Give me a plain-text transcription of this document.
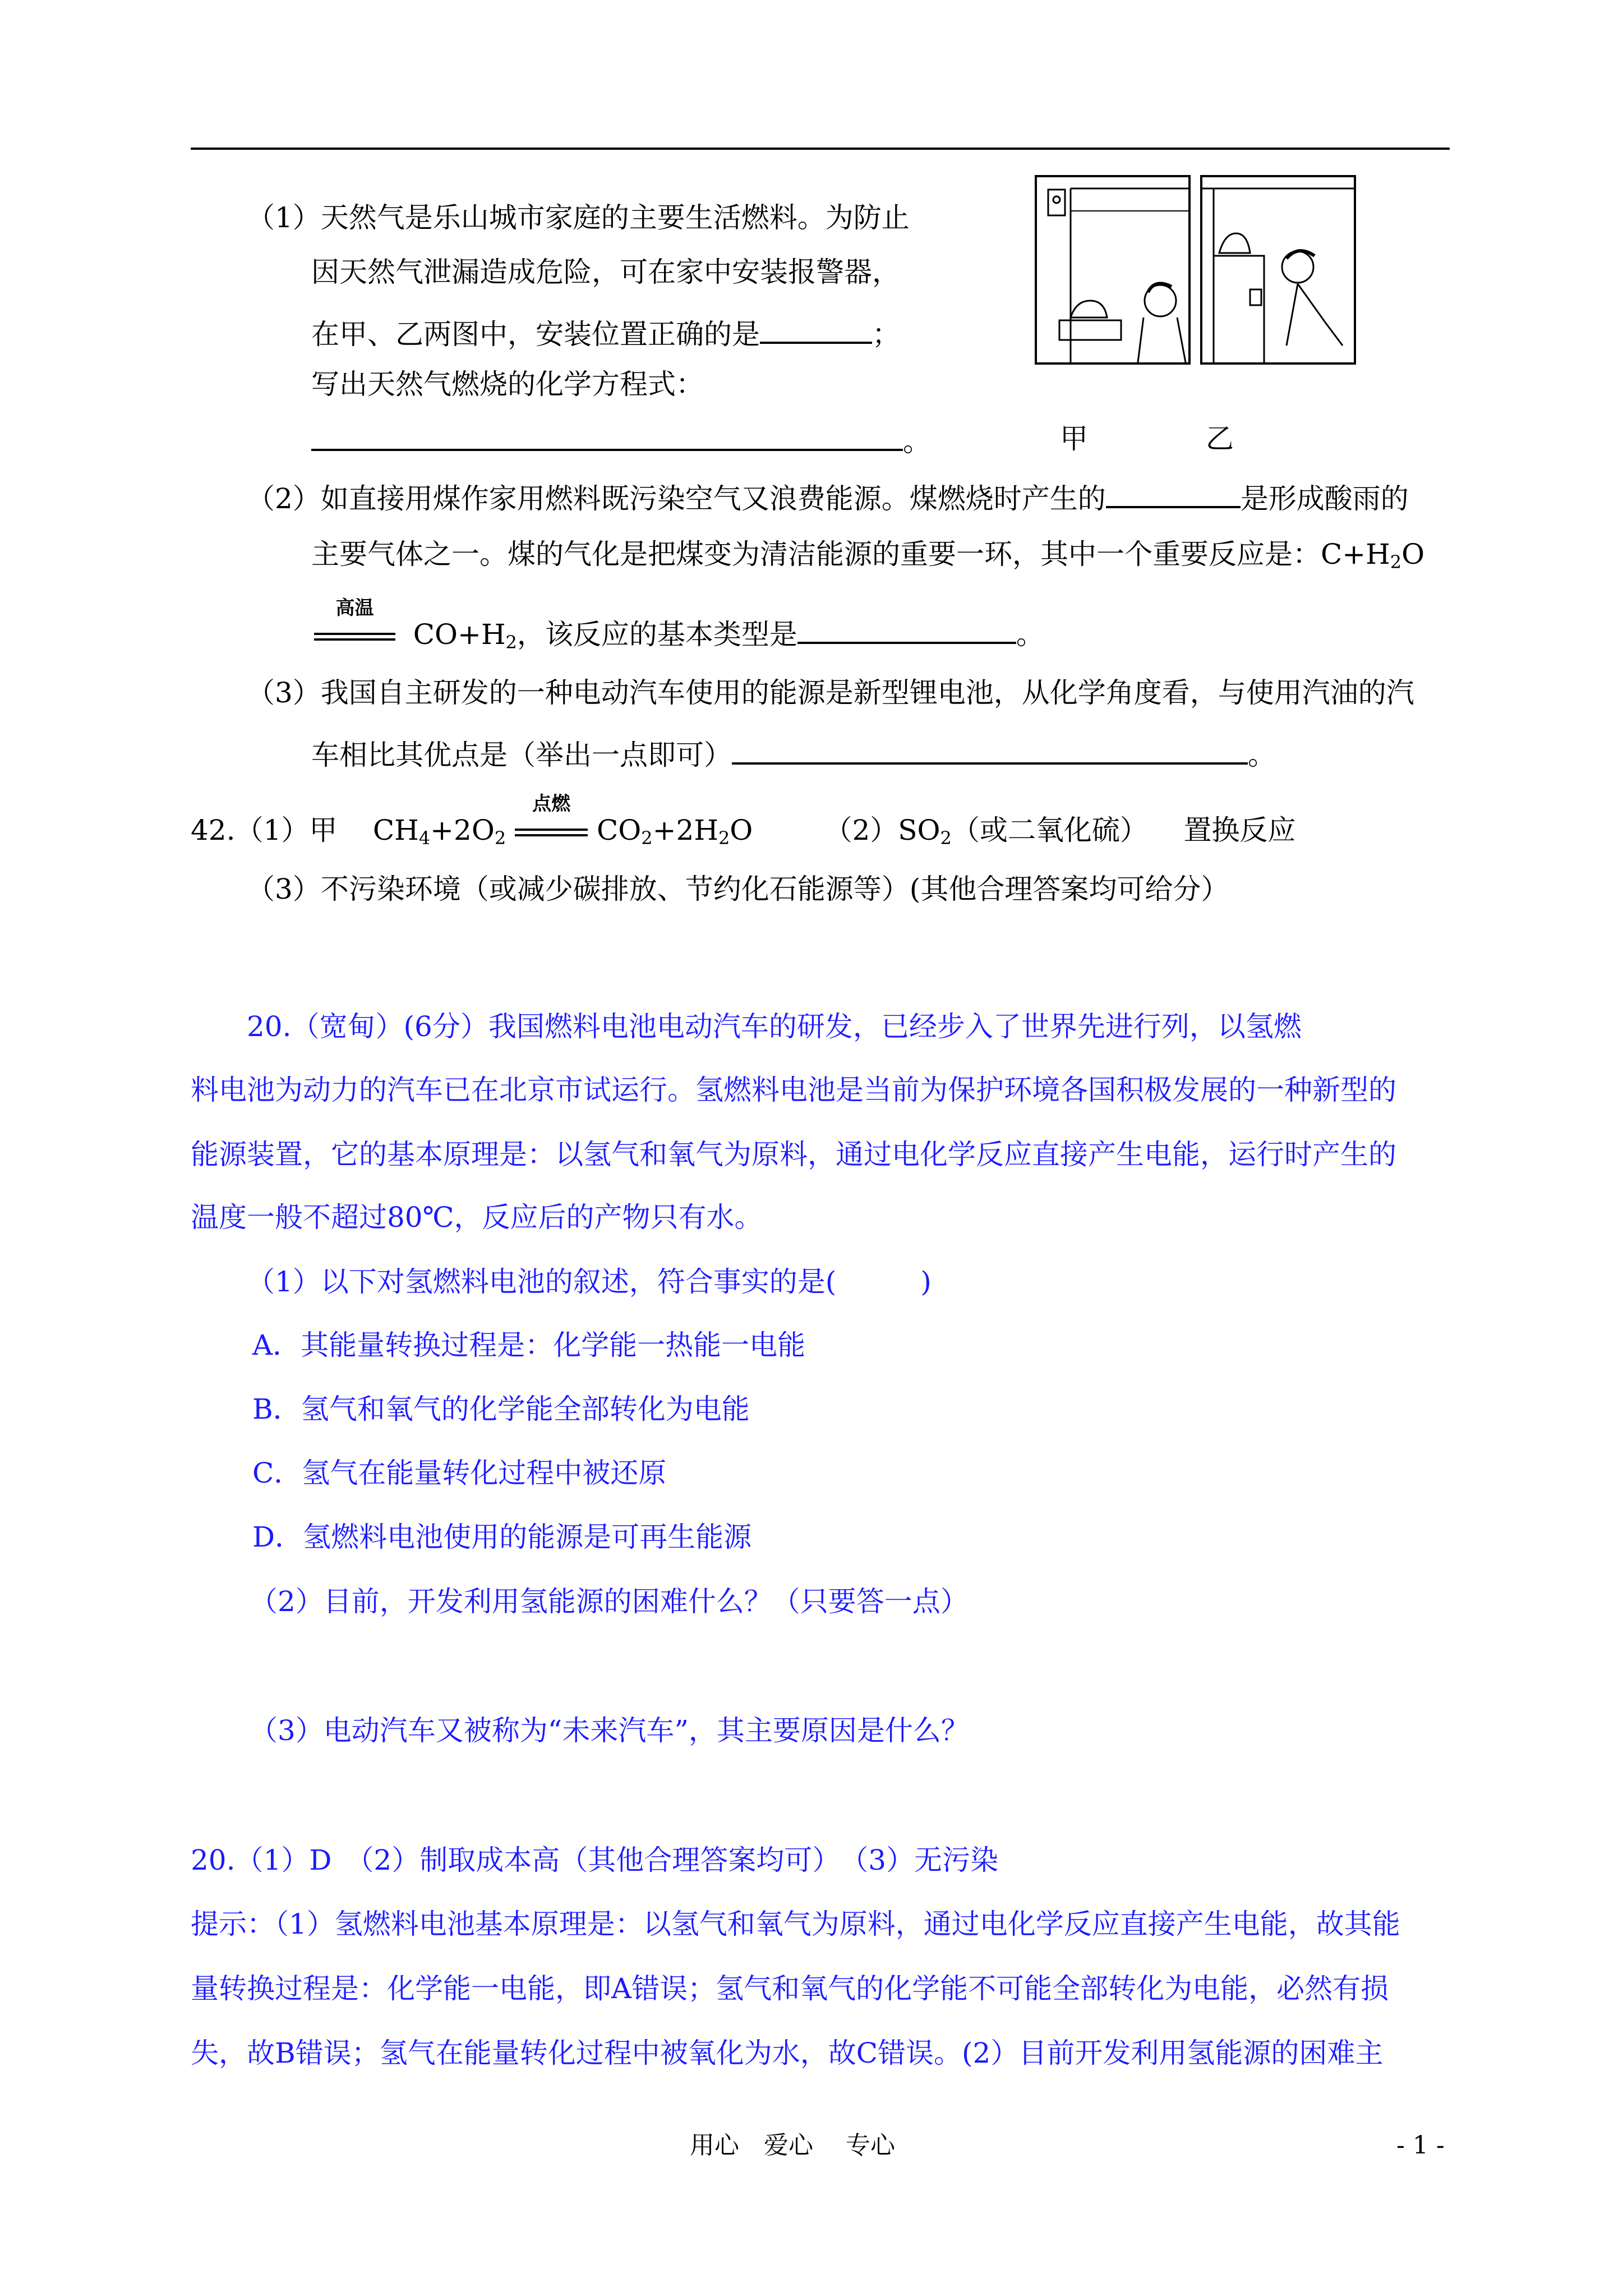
（1）天然气是乐山城市家庭的主要生活燃料。为防止
因天然气泄漏造成危险，可在家中安装报警器，
在甲、乙两图中，安装位置正确的是	；
写出天然气燃烧的化学方程式：
。	甲	乙
（2）如直接用煤作家用燃料既污染空气又浪费能源。煤燃烧时产生的	是形成酸雨的
主要气体之一。煤的气化是把煤变为清洁能源的重要一环，其中一个重要反应是：$C+H_2O$
高温
$CO+H_2$，该反应的基本类型是	。
（3）我国自主研发的一种电动汽车使用的能源是新型锂电池，从化学角度看，与使用汽油的汽
车相比其优点是（举出一点即可）	。
42.（1）甲 $CH_4+2O_2$
点燃
$CO_2+2H_2O$	$(2)SO_2$（或二氧化硫） 置换反应
（3）不污染环境（或减少碳排放、节约化石能源等）(其他合理答案均可给分）
20.（宽甸）(6分）我国燃料电池电动汽车的研发，已经步入了世界先进行列，以氢燃
料电池为动力的汽车已在北京市试运行。氢燃料电池是当前为保护环境各国积极发展的一种新型的
能源装置，它的基本原理是：以氢气和氧气为原料，通过电化学反应直接产生电能，运行时产生的
温度一般不超过80℃，反应后的产物只有水。
（1）以下对氢燃料电池的叙述，符合事实的是(　　　)
A．其能量转换过程是：化学能一热能一电能
B．氢气和氧气的化学能全部转化为电能
C．氢气在能量转化过程中被还原
D．氢燃料电池使用的能源是可再生能源
（2）目前，开发利用氢能源的困难什么？（只要答一点）
（3）电动汽车又被称为“未来汽车”，其主要原因是什么？
20.（1）D　（2）制取成本高（其他合理答案均可）　（3）无污染
提示：（1）氢燃料电池基本原理是：以氢气和氧气为原料，通过电化学反应直接产生电能，故其能
量转换过程是：化学能一电能，即A错误；氢气和氧气的化学能不可能全部转化为电能，必然有损
失，故B错误；氢气在能量转化过程中被氧化为水，故C错误。(2）目前开发利用氢能源的困难主
用心　爱心　 专心	- 1 -
